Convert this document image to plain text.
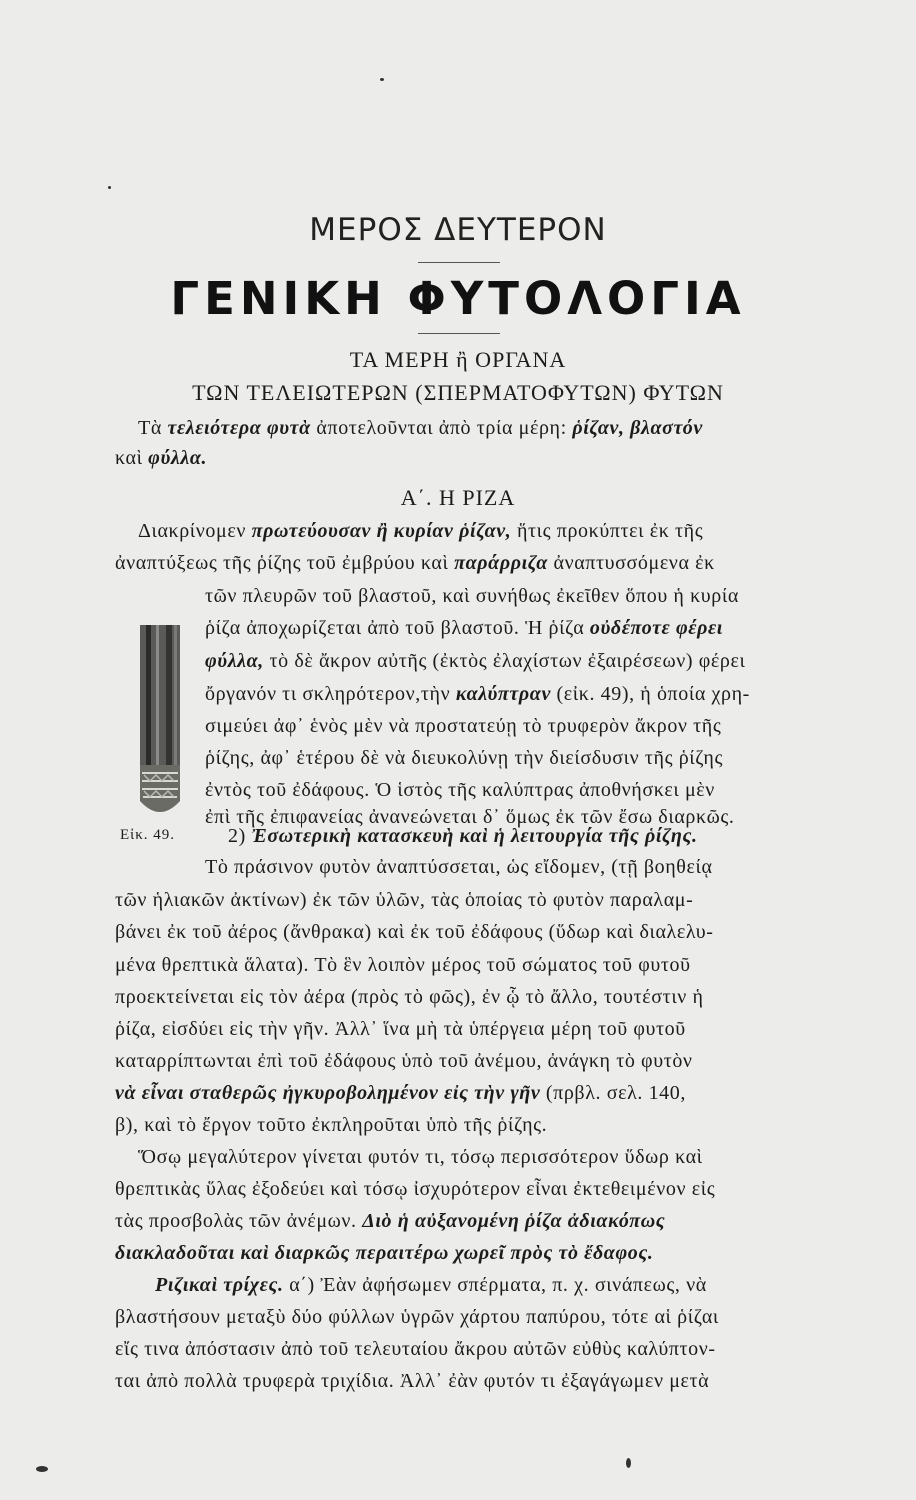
ΜΕΡΟΣ ΔΕΥΤΕΡΟΝ
ΓΕΝΙΚΗ ΦΥΤΟΛΟΓΙΑ
ΤΑ ΜΕΡΗ ἢ ΟΡΓΑΝΑ
ΤΩΝ ΤΕΛΕΙΩΤΕΡΩΝ (ΣΠΕΡΜΑΤΟΦΥΤΩΝ) ΦΥΤΩΝ
Τὰ τελειότερα φυτὰ ἀποτελοῦνται ἀπὸ τρία μέρη: ῥίζαν, βλαστόν
καὶ φύλλα.
Α΄. Η ΡΙΖΑ
Διακρίνομεν πρωτεύουσαν ἢ κυρίαν ῥίζαν, ἥτις προκύπτει ἐκ τῆς
ἀναπτύξεως τῆς ῥίζης τοῦ ἐμβρύου καὶ παράρριζα ἀναπτυσσόμενα ἐκ
τῶν πλευρῶν τοῦ βλαστοῦ, καὶ συνήθως ἐκεῖθεν ὅπου ἡ κυρία
ῥίζα ἀποχωρίζεται ἀπὸ τοῦ βλαστοῦ. Ἡ ῥίζα οὐδέποτε φέρει
φύλλα, τὸ δὲ ἄκρον αὐτῆς (ἐκτὸς ἐλαχίστων ἐξαιρέσεων) φέρει
ὄργανόν τι σκληρότερον,τὴν καλύπτραν (εἰκ. 49), ἡ ὁποία χρη-
σιμεύει ἀφ᾽ ἑνὸς μὲν νὰ προστατεύῃ τὸ τρυφερὸν ἄκρον τῆς
ῥίζης, ἀφ᾽ ἑτέρου δὲ νὰ διευκολύνῃ τὴν διείσδυσιν τῆς ῥίζης
ἐντὸς τοῦ ἐδάφους. Ὁ ἱστὸς τῆς καλύπτρας ἀποθνήσκει μὲν
ἐπὶ τῆς ἐπιφανείας ἀνανεώνεται δ᾽ ὅμως ἐκ τῶν ἔσω διαρκῶς.
Εἰκ. 49.	2) Ἐσωτερικὴ κατασκευὴ καὶ ἡ λειτουργία τῆς ῥίζης.
Τὸ πράσινον φυτὸν ἀναπτύσσεται, ὡς εἴδομεν, (τῇ βοηθείᾳ
τῶν ἡλιακῶν ἀκτίνων) ἐκ τῶν ὑλῶν, τὰς ὁποίας τὸ φυτὸν παραλαμ-
βάνει ἐκ τοῦ ἀέρος (ἄνθρακα) καὶ ἐκ τοῦ ἐδάφους (ὕδωρ καὶ διαλελυ-
μένα θρεπτικὰ ἅλατα). Τὸ ἓν λοιπὸν μέρος τοῦ σώματος τοῦ φυτοῦ
προεκτείνεται εἰς τὸν ἀέρα (πρὸς τὸ φῶς), ἐν ᾧ τὸ ἄλλο, τουτέστιν ἡ
ῥίζα, εἰσδύει εἰς τὴν γῆν. Ἀλλ᾽ ἵνα μὴ τὰ ὑπέργεια μέρη τοῦ φυτοῦ
καταρρίπτωνται ἐπὶ τοῦ ἐδάφους ὑπὸ τοῦ ἀνέμου, ἀνάγκη τὸ φυτὸν
νὰ εἶναι σταθερῶς ἠγκυροβολημένον εἰς τὴν γῆν (πρβλ. σελ. 140,
β), καὶ τὸ ἔργον τοῦτο ἐκπληροῦται ὑπὸ τῆς ῥίζης.
Ὅσῳ μεγαλύτερον γίνεται φυτόν τι, τόσῳ περισσότερον ὕδωρ καὶ
θρεπτικὰς ὕλας ἐξοδεύει καὶ τόσῳ ἰσχυρότερον εἶναι ἐκτεθειμένον εἰς
τὰς προσβολὰς τῶν ἀνέμων. Διὸ ἡ αὐξανομένη ῥίζα ἀδιακόπως
διακλαδοῦται καὶ διαρκῶς περαιτέρω χωρεῖ πρὸς τὸ ἔδαφος.
Ριζικαὶ τρίχες. α΄) Ἐὰν ἀφήσωμεν σπέρματα, π. χ. σινάπεως, νὰ
βλαστήσουν μεταξὺ δύο φύλλων ὑγρῶν χάρτου παπύρου, τότε αἱ ῥίζαι
εἴς τινα ἀπόστασιν ἀπὸ τοῦ τελευταίου ἄκρου αὐτῶν εὐθὺς καλύπτον-
ται ἀπὸ πολλὰ τρυφερὰ τριχίδια. Ἀλλ᾽ ἐὰν φυτόν τι ἐξαγάγωμεν μετὰ
